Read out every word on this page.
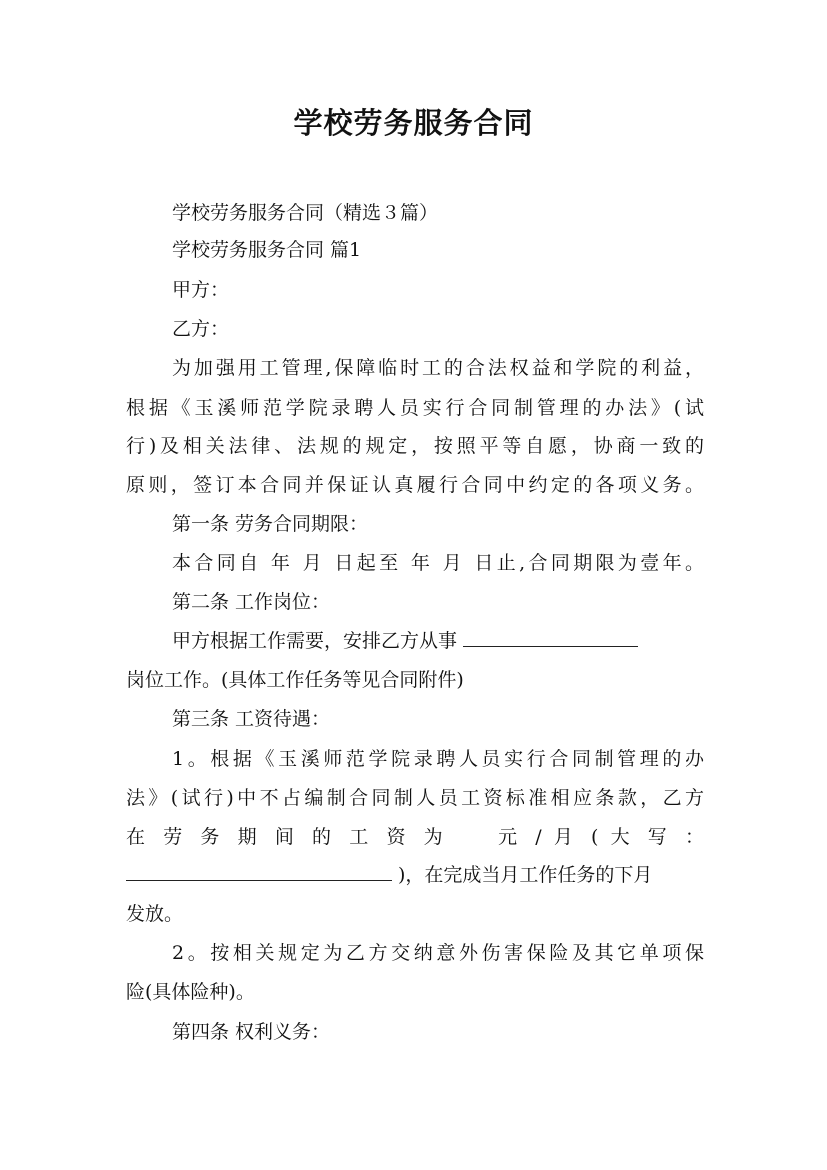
学校劳务服务合同
学校劳务服务合同（精选３篇）
学校劳务服务合同 篇1
甲方：
乙方：
为加强用工管理,保障临时工的合法权益和学院的利益，
根据《玉溪师范学院录聘人员实行合同制管理的办法》(试
行)及相关法律、法规的规定，按照平等自愿，协商一致的
原则，签订本合同并保证认真履行合同中约定的各项义务。
第一条 劳务合同期限：
本合同自 年 月 日起至 年 月 日止,合同期限为壹年。
第二条 工作岗位：
甲方根据工作需要，安排乙方从事
岗位工作。(具体工作任务等见合同附件)
第三条 工资待遇：
1。根据《玉溪师范学院录聘人员实行合同制管理的办
法》(试行)中不占编制合同制人员工资标准相应条款，乙方
在 劳 务 期 间 的 工 资 为 　 元 / 月 ( 大 写 ：
)，在完成当月工作任务的下月
发放。
2。按相关规定为乙方交纳意外伤害保险及其它单项保
险(具体险种)。
第四条 权利义务：
